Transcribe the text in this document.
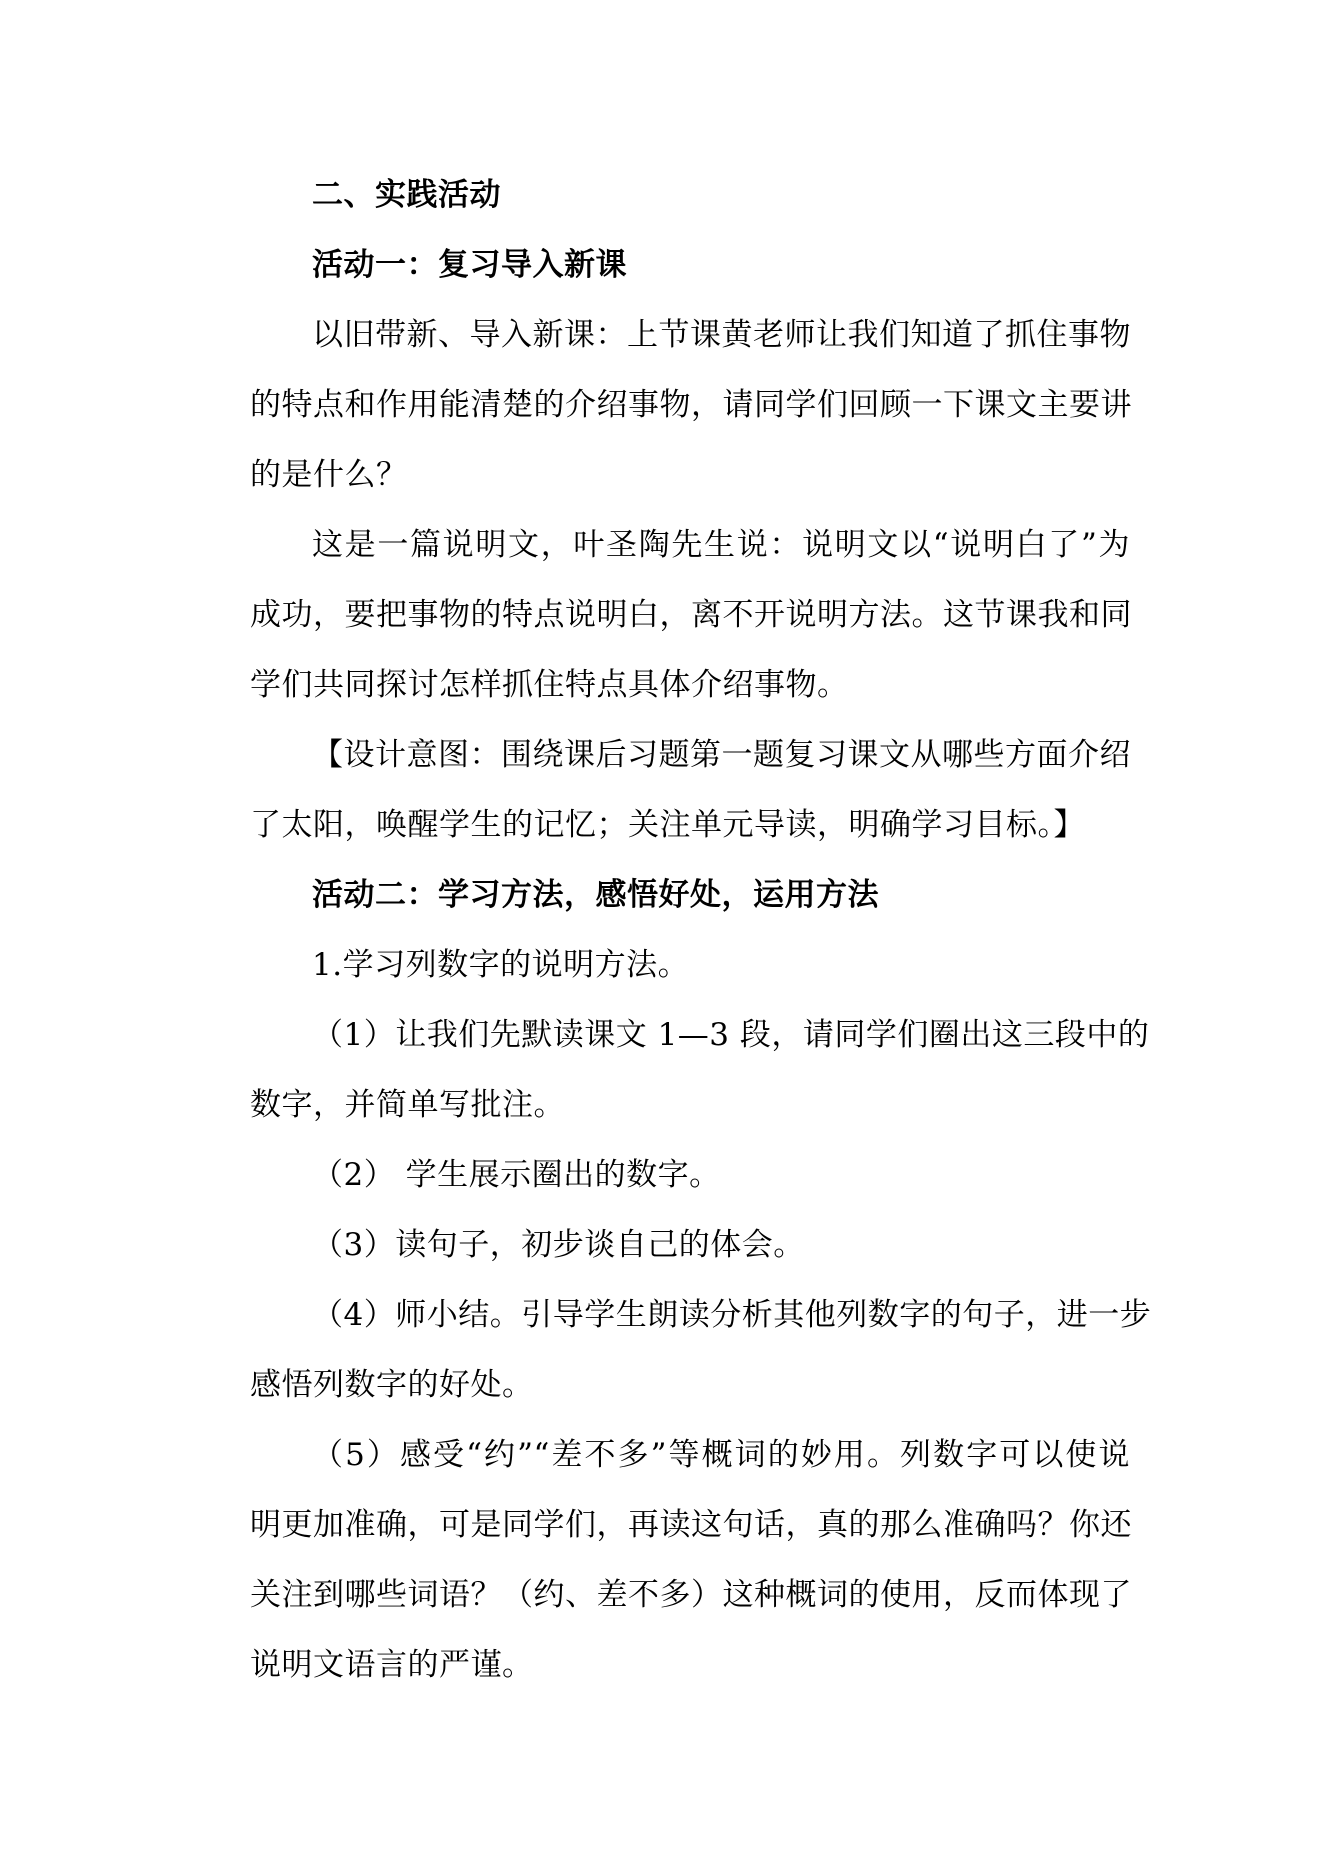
二、实践活动
活动一：复习导入新课
以旧带新、导入新课：上节课黄老师让我们知道了抓住事物
的特点和作用能清楚的介绍事物，请同学们回顾一下课文主要讲
的是什么？
这是一篇说明文，叶圣陶先生说：说明文以“说明白了”为
成功，要把事物的特点说明白，离不开说明方法。这节课我和同
学们共同探讨怎样抓住特点具体介绍事物。
【设计意图：围绕课后习题第一题复习课文从哪些方面介绍
了太阳，唤醒学生的记忆；关注单元导读，明确学习目标。】
活动二：学习方法，感悟好处，运用方法
1.学习列数字的说明方法。
（1）让我们先默读课文 1—3 段，请同学们圈出这三段中的
数字，并简单写批注。
（2） 学生展示圈出的数字。
（3）读句子，初步谈自己的体会。
（4）师小结。引导学生朗读分析其他列数字的句子，进一步
感悟列数字的好处。
（5）感受“约”“差不多”等概词的妙用。列数字可以使说
明更加准确，可是同学们，再读这句话，真的那么准确吗？你还
关注到哪些词语？（约、差不多）这种概词的使用，反而体现了
说明文语言的严谨。
